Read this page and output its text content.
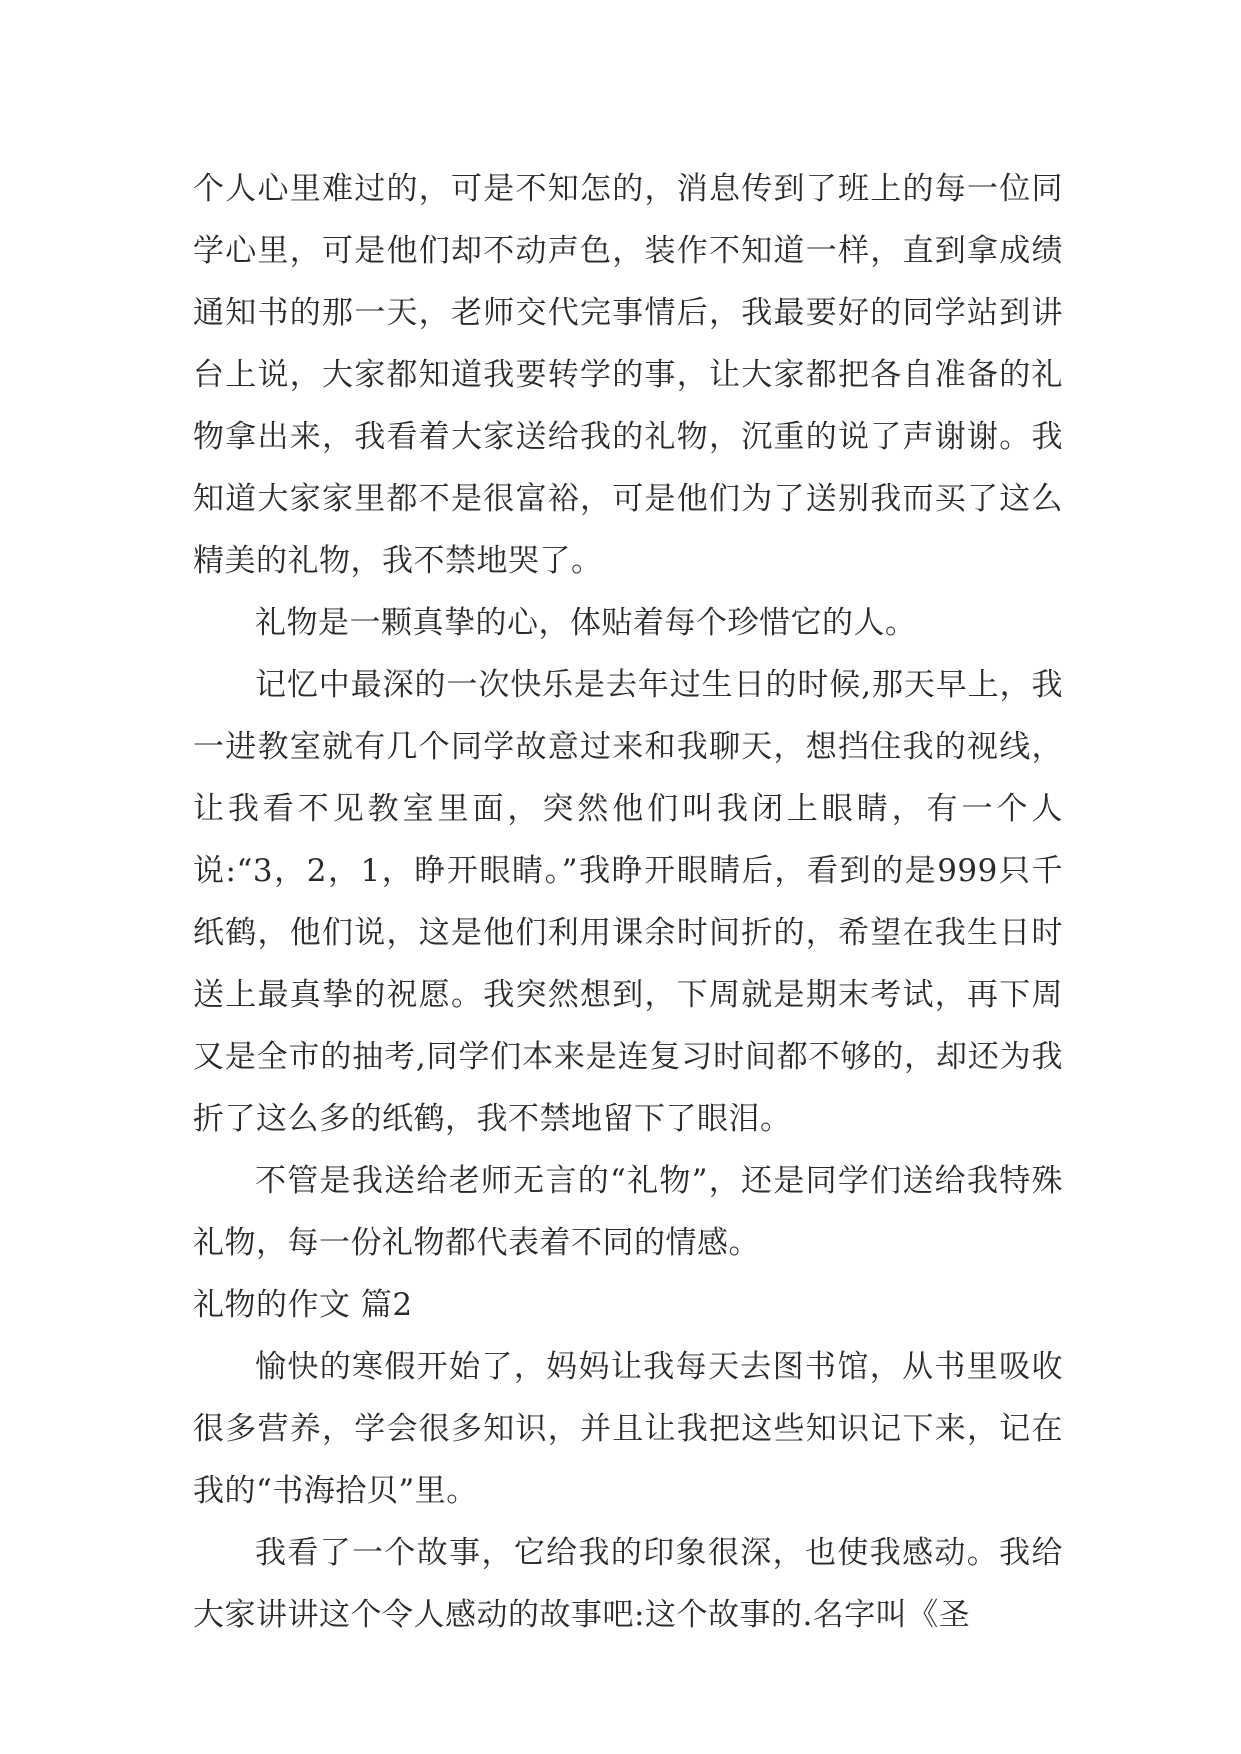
个人心里难过的，可是不知怎的，消息传到了班上的每一位同学心里，可是他们却不动声色，装作不知道一样，直到拿成绩通知书的那一天，老师交代完事情后，我最要好的同学站到讲台上说，大家都知道我要转学的事，让大家都把各自准备的礼物拿出来，我看着大家送给我的礼物，沉重的说了声谢谢。我知道大家家里都不是很富裕，可是他们为了送别我而买了这么精美的礼物，我不禁地哭了。

礼物是一颗真挚的心，体贴着每个珍惜它的人。

记忆中最深的一次快乐是去年过生日的时候,那天早上，我一进教室就有几个同学故意过来和我聊天，想挡住我的视线，让我看不见教室里面，突然他们叫我闭上眼睛，有一个人说:“3，2，1，睁开眼睛。”我睁开眼睛后，看到的是999只千纸鹤，他们说，这是他们利用课余时间折的，希望在我生日时送上最真挚的祝愿。我突然想到，下周就是期末考试，再下周又是全市的抽考,同学们本来是连复习时间都不够的，却还为我折了这么多的纸鹤，我不禁地留下了眼泪。

不管是我送给老师无言的“礼物”，还是同学们送给我特殊礼物，每一份礼物都代表着不同的情感。

礼物的作文 篇2

愉快的寒假开始了，妈妈让我每天去图书馆，从书里吸收很多营养，学会很多知识，并且让我把这些知识记下来，记在我的“书海拾贝”里。

我看了一个故事，它给我的印象很深，也使我感动。我给大家讲讲这个令人感动的故事吧:这个故事的.名字叫《圣
